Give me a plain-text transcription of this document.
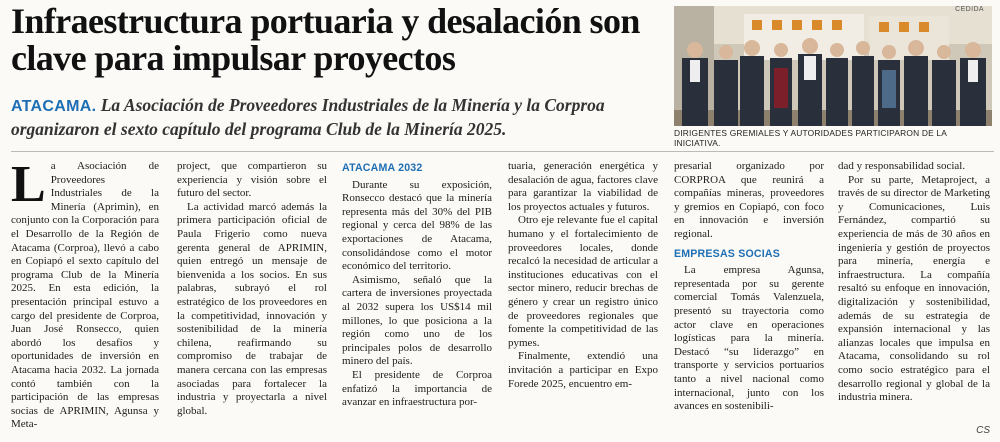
Infraestructura portuaria y desalación son clave para impulsar proyectos
ATACAMA. La Asociación de Proveedores Industriales de la Minería y la Corproa organizaron el sexto capítulo del programa Club de la Minería 2025.
CEDIDA
DIRIGENTES GREMIALES Y AUTORIDADES PARTICIPARON DE LA INICIATIVA.
L a Asociación de Proveedores Industriales de la Minería (Aprimin), en conjunto con la Corporación para el Desarrollo de la Región de Atacama (Corproa), llevó a cabo en Copiapó el sexto capítulo del programa Club de la Minería 2025. En esta edición, la presentación principal estuvo a cargo del presidente de Corproa, Juan José Ronsecco, quien abordó los desafíos y oportunidades de inversión en Atacama hacia 2032. La jornada contó también con la participación de las empresas socias de APRIMIN, Agunsa y Meta-

project, que compartieron su experiencia y visión sobre el futuro del sector.

La actividad marcó además la primera participación oficial de Paula Frigerio como nueva gerenta general de APRIMIN, quien entregó un mensaje de bienvenida a los socios. En sus palabras, subrayó el rol estratégico de los proveedores en la competitividad, innovación y sostenibilidad de la minería chilena, reafirmando su compromiso de trabajar de manera cercana con las empresas asociadas para fortalecer la industria y proyectarla a nivel global.

ATACAMA 2032

Durante su exposición, Ronsecco destacó que la minería representa más del 30% del PIB regional y cerca del 98% de las exportaciones de Atacama, consolidándose como el motor económico del territorio.

Asimismo, señaló que la cartera de inversiones proyectada al 2032 supera los US$14 mil millones, lo que posiciona a la región como uno de los principales polos de desarrollo minero del país.

El presidente de Corproa enfatizó la importancia de avanzar en infraestructura por-

tuaria, generación energética y desalación de agua, factores clave para garantizar la viabilidad de los proyectos actuales y futuros.

Otro eje relevante fue el capital humano y el fortalecimiento de proveedores locales, donde recalcó la necesidad de articular a instituciones educativas con el sector minero, reducir brechas de género y crear un registro único de proveedores regionales que fomente la competitividad de las pymes.

Finalmente, extendió una invitación a participar en Expo Forede 2025, encuentro em-

presarial organizado por CORPROA que reunirá a compañías mineras, proveedores y gremios en Copiapó, con foco en innovación e inversión regional.

EMPRESAS SOCIAS

La empresa Agunsa, representada por su gerente comercial Tomás Valenzuela, presentó su trayectoria como actor clave en operaciones logísticas para la minería. Destacó “su liderazgo” en transporte y servicios portuarios tanto a nivel nacional como internacional, junto con los avances en sostenibili-

dad y responsabilidad social.

Por su parte, Metaproject, a través de su director de Marketing y Comunicaciones, Luis Fernández, compartió su experiencia de más de 30 años en ingeniería y gestión de proyectos para minería, energía e infraestructura. La compañía resaltó su enfoque en innovación, digitalización y sostenibilidad, además de su estrategia de expansión internacional y las alianzas locales que impulsa en Atacama, consolidando su rol como socio estratégico para el desarrollo regional y global de la industria minera.

CS
